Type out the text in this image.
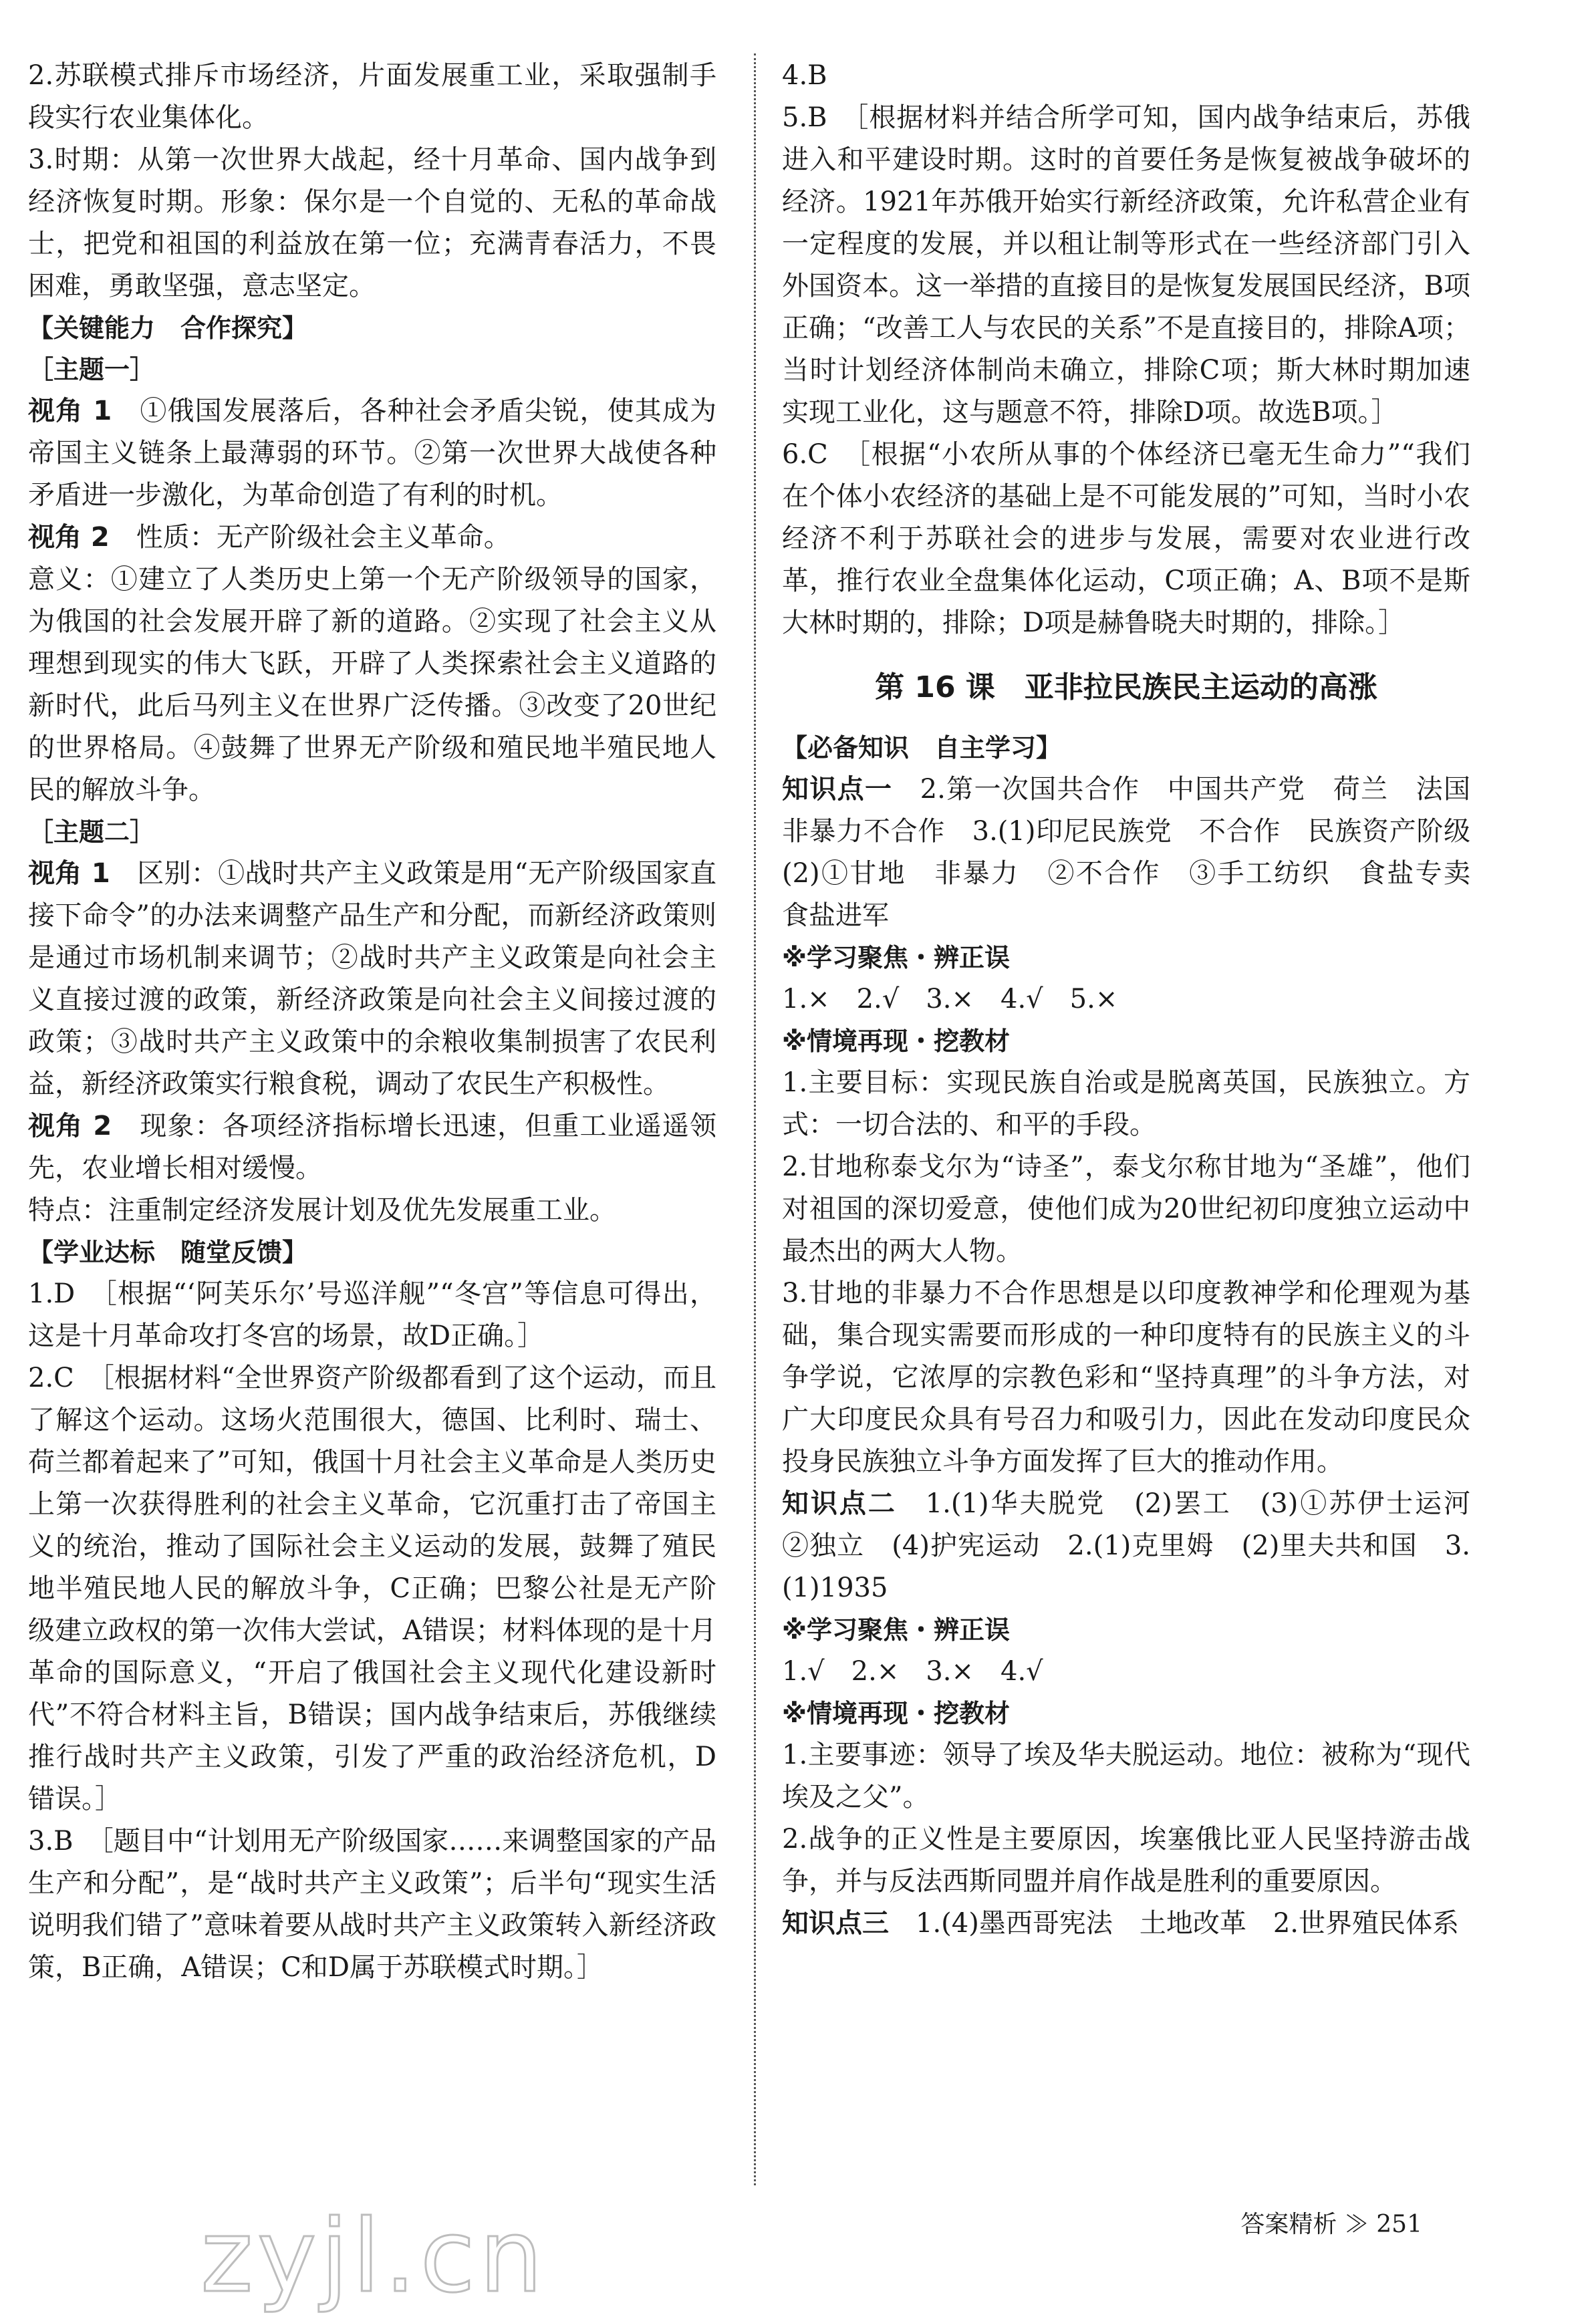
2.苏联模式排斥市场经济，片面发展重工业，采取强制手段实行农业集体化。
3.时期：从第一次世界大战起，经十月革命、国内战争到经济恢复时期。形象：保尔是一个自觉的、无私的革命战士，把党和祖国的利益放在第一位；充满青春活力，不畏困难，勇敢坚强，意志坚定。
【关键能力　合作探究】
［主题一］
视角 1　 ①俄国发展落后，各种社会矛盾尖锐，使其成为帝国主义链条上最薄弱的环节。②第一次世界大战使各种矛盾进一步激化，为革命创造了有利的时机。
视角 2　 性质：无产阶级社会主义革命。
意义：①建立了人类历史上第一个无产阶级领导的国家，为俄国的社会发展开辟了新的道路。②实现了社会主义从理想到现实的伟大飞跃，开辟了人类探索社会主义道路的新时代，此后马列主义在世界广泛传播。③改变了20世纪的世界格局。④鼓舞了世界无产阶级和殖民地半殖民地人民的解放斗争。
［主题二］
视角 1　 区别：①战时共产主义政策是用“无产阶级国家直接下命令”的办法来调整产品生产和分配，而新经济政策则是通过市场机制来调节；②战时共产主义政策是向社会主义直接过渡的政策，新经济政策是向社会主义间接过渡的政策；③战时共产主义政策中的余粮收集制损害了农民利益，新经济政策实行粮食税，调动了农民生产积极性。
视角 2　 现象：各项经济指标增长迅速，但重工业遥遥领先，农业增长相对缓慢。
特点：注重制定经济发展计划及优先发展重工业。
【学业达标　随堂反馈】
1.D　［根据“‘阿芙乐尔’号巡洋舰”“冬宫”等信息可得出，这是十月革命攻打冬宫的场景，故D正确。］
2.C　［根据材料“全世界资产阶级都看到了这个运动，而且了解这个运动。这场火范围很大，德国、比利时、瑞士、荷兰都着起来了”可知，俄国十月社会主义革命是人类历史上第一次获得胜利的社会主义革命，它沉重打击了帝国主义的统治，推动了国际社会主义运动的发展，鼓舞了殖民地半殖民地人民的解放斗争，C正确；巴黎公社是无产阶级建立政权的第一次伟大尝试，A错误；材料体现的是十月革命的国际意义，“开启了俄国社会主义现代化建设新时代”不符合材料主旨，B错误；国内战争结束后，苏俄继续推行战时共产主义政策，引发了严重的政治经济危机，D错误。］
3.B　［题目中“计划用无产阶级国家……来调整国家的产品生产和分配”，是“战时共产主义政策”；后半句“现实生活说明我们错了”意味着要从战时共产主义政策转入新经济政策，B正确，A错误；C和D属于苏联模式时期。］
4.B
5.B　［根据材料并结合所学可知，国内战争结束后，苏俄进入和平建设时期。这时的首要任务是恢复被战争破坏的经济。1921年苏俄开始实行新经济政策，允许私营企业有一定程度的发展，并以租让制等形式在一些经济部门引入外国资本。这一举措的直接目的是恢复发展国民经济，B项正确；“改善工人与农民的关系”不是直接目的，排除A项；当时计划经济体制尚未确立，排除C项；斯大林时期加速实现工业化，这与题意不符，排除D项。故选B项。］
6.C　［根据“小农所从事的个体经济已毫无生命力”“我们在个体小农经济的基础上是不可能发展的”可知，当时小农经济不利于苏联社会的进步与发展，需要对农业进行改革，推行农业全盘集体化运动，C项正确；A、B项不是斯大林时期的，排除；D项是赫鲁晓夫时期的，排除。］
第 16 课　亚非拉民族民主运动的高涨
【必备知识　自主学习】
知识点一　 2.第一次国共合作　中国共产党　荷兰　法国　非暴力不合作　3.(1)印尼民族党　不合作　民族资产阶级　(2)①甘地　非暴力　②不合作　③手工纺织　食盐专卖　食盐进军
※学习聚焦・辨正误
1.×　2.√　3.×　4.√　5.×
※情境再现・挖教材
1.主要目标：实现民族自治或是脱离英国，民族独立。方式：一切合法的、和平的手段。
2.甘地称泰戈尔为“诗圣”，泰戈尔称甘地为“圣雄”，他们对祖国的深切爱意，使他们成为20世纪初印度独立运动中最杰出的两大人物。
3.甘地的非暴力不合作思想是以印度教神学和伦理观为基础，集合现实需要而形成的一种印度特有的民族主义的斗争学说，它浓厚的宗教色彩和“坚持真理”的斗争方法，对广大印度民众具有号召力和吸引力，因此在发动印度民众投身民族独立斗争方面发挥了巨大的推动作用。
知识点二　 1.(1)华夫脱党　(2)罢工　(3)①苏伊士运河　②独立　(4)护宪运动　2.(1)克里姆　(2)里夫共和国　3.(1)1935
※学习聚焦・辨正误
1.√　2.×　3.×　4.√
※情境再现・挖教材
1.主要事迹：领导了埃及华夫脱运动。地位：被称为“现代埃及之父”。
2.战争的正义性是主要原因，埃塞俄比亚人民坚持游击战争，并与反法西斯同盟并肩作战是胜利的重要原因。
知识点三　 1.(4)墨西哥宪法　土地改革　2.世界殖民体系
zyjl.cn	答案精析 ≫ 251
